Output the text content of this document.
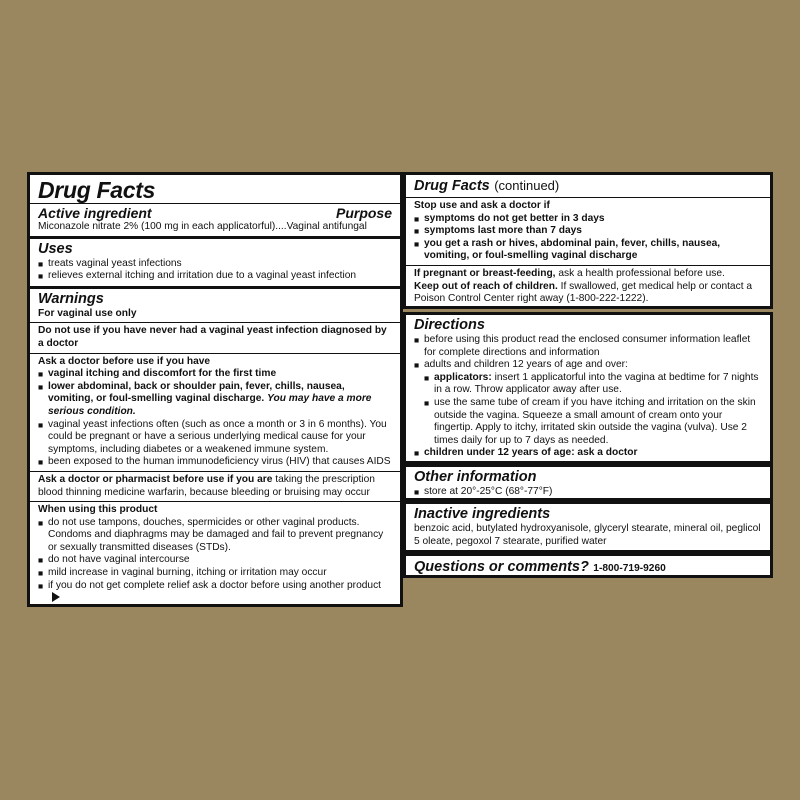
Drug Facts
Active ingredient	Purpose
Miconazole nitrate 2% (100 mg in each applicatorful)....Vaginal antifungal
Uses
■ treats vaginal yeast infections
■ relieves external itching and irritation due to a vaginal yeast infection
Warnings
For vaginal use only
Do not use if you have never had a vaginal yeast infection diagnosed by a doctor
Ask a doctor before use if you have
■ vaginal itching and discomfort for the first time
■ lower abdominal, back or shoulder pain, fever, chills, nausea, vomiting, or foul-smelling vaginal discharge. You may have a more serious condition.
■ vaginal yeast infections often (such as once a month or 3 in 6 months). You could be pregnant or have a serious underlying medical cause for your symptoms, including diabetes or a weakened immune system.
■ been exposed to the human immunodeficiency virus (HIV) that causes AIDS
Ask a doctor or pharmacist before use if you are taking the prescription blood thinning medicine warfarin, because bleeding or bruising may occur
When using this product
■ do not use tampons, douches, spermicides or other vaginal products. Condoms and diaphragms may be damaged and fail to prevent pregnancy or sexually transmitted diseases (STDs).
■ do not have vaginal intercourse
■ mild increase in vaginal burning, itching or irritation may occur
■ if you do not get complete relief ask a doctor before using another product
Drug Facts (continued)
Stop use and ask a doctor if
■ symptoms do not get better in 3 days
■ symptoms last more than 7 days
■ you get a rash or hives, abdominal pain, fever, chills, nausea, vomiting, or foul-smelling vaginal discharge
If pregnant or breast-feeding, ask a health professional before use.
Keep out of reach of children. If swallowed, get medical help or contact a Poison Control Center right away (1-800-222-1222).
Directions
■ before using this product read the enclosed consumer information leaflet for complete directions and information
■ adults and children 12 years of age and over:
■ applicators: insert 1 applicatorful into the vagina at bedtime for 7 nights in a row. Throw applicator away after use.
■ use the same tube of cream if you have itching and irritation on the skin outside the vagina. Squeeze a small amount of cream onto your fingertip. Apply to itchy, irritated skin outside the vagina (vulva). Use 2 times daily for up to 7 days as needed.
■ children under 12 years of age: ask a doctor
Other information
■ store at 20°-25°C (68°-77°F)
Inactive ingredients
benzoic acid, butylated hydroxyanisole, glyceryl stearate, mineral oil, peglicol 5 oleate, pegoxol 7 stearate, purified water
Questions or comments? 1-800-719-9260
